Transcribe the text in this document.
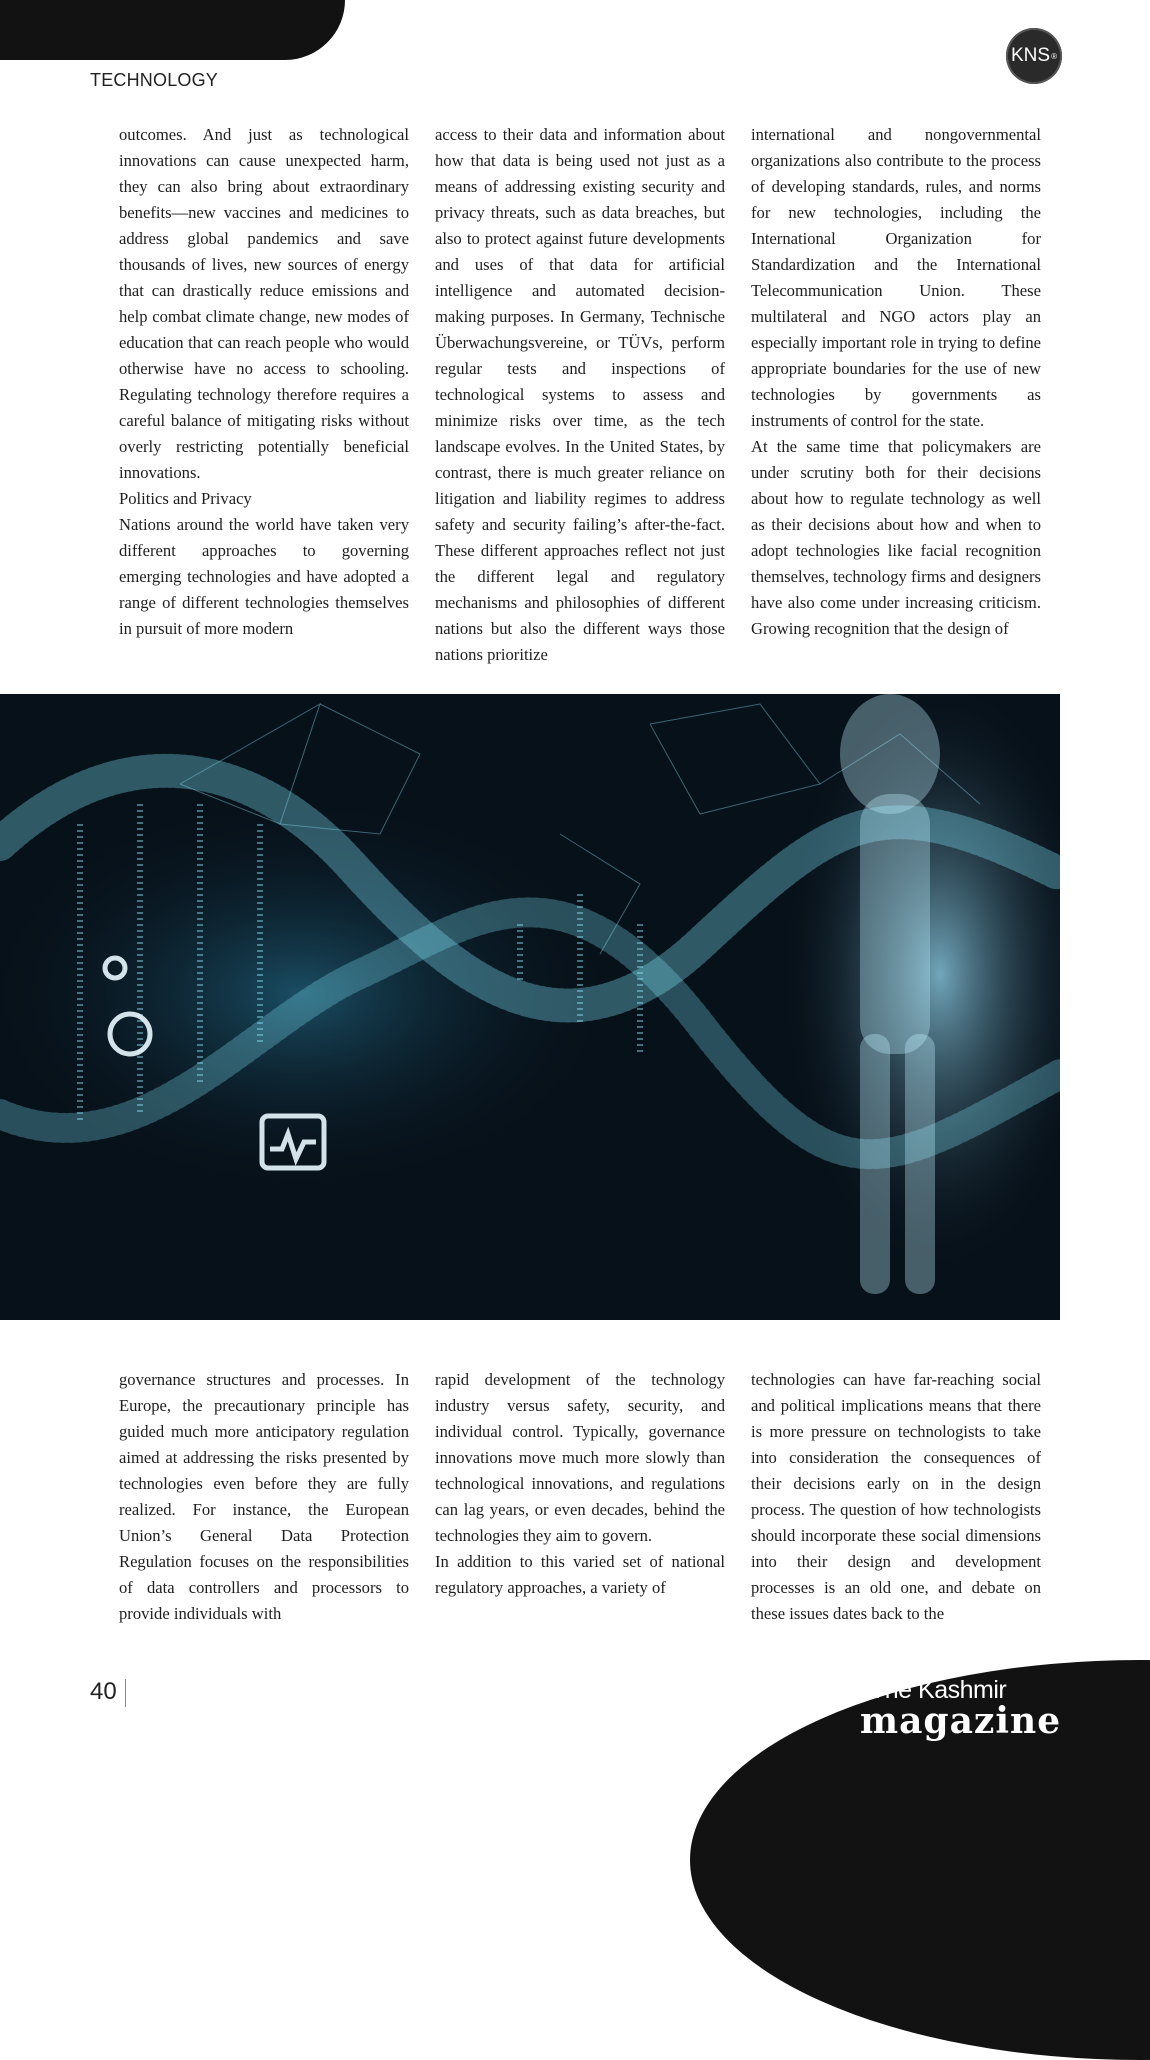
TECHNOLOGY
KNS ®

outcomes. And just as technological innovations can cause unexpected harm, they can also bring about extraordinary benefits—new vaccines and medicines to address global pandemics and save thousands of lives, new sources of energy that can drastically reduce emissions and help combat climate change, new modes of education that can reach people who would otherwise have no access to schooling. Regulating technology therefore requires a careful balance of mitigating risks without overly restricting potentially beneficial innovations.

Politics and Privacy

Nations around the world have taken very different approaches to governing emerging technologies and have adopted a range of different technologies themselves in pursuit of more modern

access to their data and information about how that data is being used not just as a means of addressing existing security and privacy threats, such as data breaches, but also to protect against future developments and uses of that data for artificial intelligence and automated decision-making purposes. In Germany, Technische Überwachungsvereine, or TÜVs, perform regular tests and inspections of technological systems to assess and minimize risks over time, as the tech landscape evolves. In the United States, by contrast, there is much greater reliance on litigation and liability regimes to address safety and security failing’s after-the-fact. These different approaches reflect not just the different legal and regulatory mechanisms and philosophies of different nations but also the different ways those nations prioritize

international and nongovernmental organizations also contribute to the process of developing standards, rules, and norms for new technologies, including the International Organization for Standardization and the International Telecommunication Union. These multilateral and NGO actors play an especially important role in trying to define appropriate boundaries for the use of new technologies by governments as instruments of control for the state.

At the same time that policymakers are under scrutiny both for their decisions about how to regulate technology as well as their decisions about how and when to adopt technologies like facial recognition themselves, technology firms and designers have also come under increasing criticism. Growing recognition that the design of

governance structures and processes. In Europe, the precautionary principle has guided much more anticipatory regulation aimed at addressing the risks presented by technologies even before they are fully realized. For instance, the European Union’s General Data Protection Regulation focuses on the responsibilities of data controllers and processors to provide individuals with

rapid development of the technology industry versus safety, security, and individual control. Typically, governance innovations move much more slowly than technological innovations, and regulations can lag years, or even decades, behind the technologies they aim to govern.

In addition to this varied set of national regulatory approaches, a variety of

technologies can have far-reaching social and political implications means that there is more pressure on technologists to take into consideration the consequences of their decisions early on in the design process. The question of how technologists should incorporate these social dimensions into their design and development processes is an old one, and debate on these issues dates back to the

40	The Kashmir
magazine
